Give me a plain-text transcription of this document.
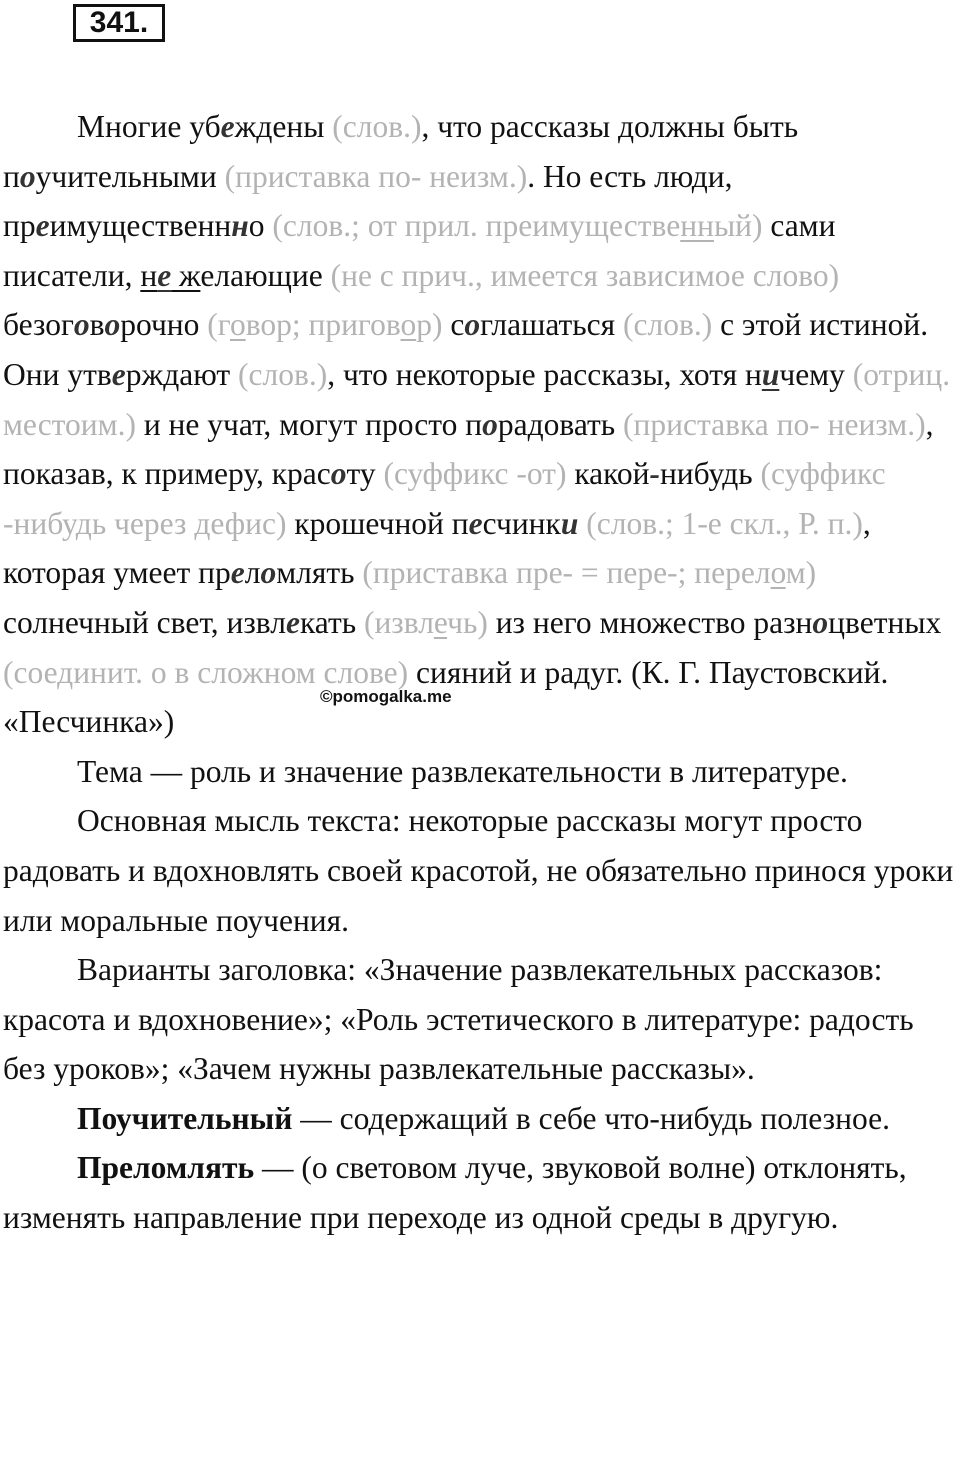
341.

Многие убеждены (слов.), что рассказы должны быть поучительными (приставка по- неизм.). Но есть люди, преимущественнно (слов.; от прил. преимущественный) сами писатели, не желающие (не с прич., имеется зависимое слово) безоговорочно (говор; приговор) соглашаться (слов.) с этой истиной. Они утверждают (слов.), что некоторые рассказы, хотя ничему (отриц. местоим.) и не учат, могут просто порадовать (приставка по- неизм.), показав, к примеру, красоту (суффикс -от) какой-нибудь (суффикс -нибудь через дефис) крошечной песчинки (слов.; 1-е скл., Р. п.), которая умеет преломлять (приставка пре- = пере-; перелом) солнечный свет, извлекать (извлечь) из него множество разноцветных (соединит. о в сложном слове) сияний и радуг. (К. Г. Паустовский. «Песчинка»)

Тема — роль и значение развлекательности в литературе.

Основная мысль текста: некоторые рассказы могут просто радовать и вдохновлять своей красотой, не обязательно принося уроки или моральные поучения.

Варианты заголовка: «Значение развлекательных рассказов: красота и вдохновение»; «Роль эстетического в литературе: радость без уроков»; «Зачем нужны развлекательные рассказы».

Поучительный — содержащий в себе что-нибудь полезное.

Преломлять — (о световом луче, звуковой волне) отклонять, изменять направление при переходе из одной среды в другую.

©pomogalka.me
